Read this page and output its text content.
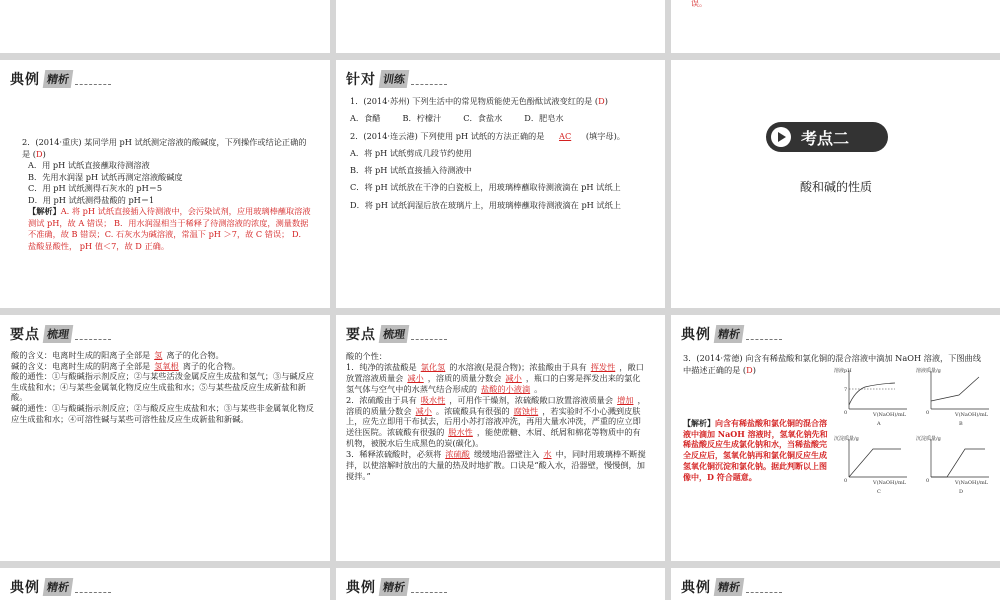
误。
典例 精析

2．(2014·重庆) 某同学用 pH 试纸测定溶液的酸碱度，下列操作或结论正确的是 (D)

A．用 pH 试纸直接蘸取待测溶液

B．先用水润湿 pH 试纸再测定溶液酸碱度

C．用 pH 试纸测得石灰水的 pH＝5

D．用 pH 试纸测得盐酸的 pH＝1

【解析】A. 将 pH 试纸直接插入待测液中，会污染试剂，应用玻璃棒蘸取溶液测试 pH，故 A 错误； B．用水润湿相当于稀释了待测溶液的浓度，测量数据不准确，故 B 错误；C. 石灰水为碱溶液，常温下 pH ＞7，故 C 错误； D．盐酸显酸性， pH 值＜7，故 D 正确。

针对 训练

1．(2014·苏州) 下列生活中的常见物质能使无色酚酞试液变红的是 (D)

A．食醋	B．柠檬汁	C．食盐水	D．肥皂水

2．(2014·连云港) 下列使用 pH 试纸的方法正确的是 AC (填字母)。

A．将 pH 试纸剪成几段节约使用

B．将 pH 试纸直接插入待测液中

C．将 pH 试纸放在干净的白瓷板上，用玻璃棒蘸取待测液滴在 pH 试纸上

D．将 pH 试纸润湿后放在玻璃片上，用玻璃棒蘸取待测液滴在 pH 试纸上

考点二
酸和碱的性质
要点 梳理

酸的含义：电离时生成的阳离子全部是 氢 离子的化合物。

碱的含义：电离时生成的阴离子全部是 氢氧根 离子的化合物。

酸的通性：①与酸碱指示剂反应；②与某些活泼金属反应生成盐和氢气；③与碱反应生成盐和水；④与某些金属氧化物反应生成盐和水；⑤与某些盐反应生成新盐和新酸。

碱的通性：①与酸碱指示剂反应；②与酸反应生成盐和水；③与某些非金属氧化物反应生成盐和水；④可溶性碱与某些可溶性盐反应生成新盐和新碱。

要点 梳理

酸的个性：

1．纯净的浓盐酸是 氯化氢 的水溶液(是混合物)；浓盐酸由于具有 挥发性 ，敞口放置溶液质量会 减小 ，溶质的质量分数会 减小 ，瓶口的白雾是挥发出来的氯化氢气体与空气中的水蒸气结合形成的 盐酸的小液滴 。

2．浓硫酸由于具有 吸水性 ，可用作干燥剂，浓硫酸敞口放置溶液质量会 增加 ，溶质的质量分数会 减小 。浓硫酸具有很强的 腐蚀性 ，若实验时不小心溅到皮肤上，应先立即用干布拭去，后用小苏打溶液冲洗，再用大量水冲洗，严重的应立即送往医院。浓硫酸有很强的 脱水性 ，能使蔗糖、木屑、纸屑和棉花等物质中的有机物，被脱水后生成黑色的炭(碳化)。

3．稀释浓硫酸时，必须将 浓硫酸 缓缓地沿器壁注入 水 中，同时用玻璃棒不断搅拌，以使溶解时放出的大量的热及时地扩散。口诀是“酸入水，沿器壁，慢慢倒，加搅拌。”

典例 精析

3．(2014·常德) 向含有稀盐酸和氯化铜的混合溶液中滴加 NaOH 溶液，下图曲线中描述正确的是 (D)

【解析】向含有稀盐酸和氯化铜的混合溶液中滴加 NaOH 溶液时，氢氧化钠先和稀盐酸反应生成氯化钠和水，当稀盐酸完全反应后，氢氧化钠再和氯化铜反应生成氢氧化铜沉淀和氯化钠。据此判断以上图像中，D 符合题意。
溶液pH
7
0	V(NaOH)/mL
A
溶液质量/g
0	V(NaOH)/mL
B
沉淀质量/g
0	V(NaOH)/mL
C
沉淀质量/g
0	V(NaOH)/mL
D
典例 精析	典例 精析	典例 精析
